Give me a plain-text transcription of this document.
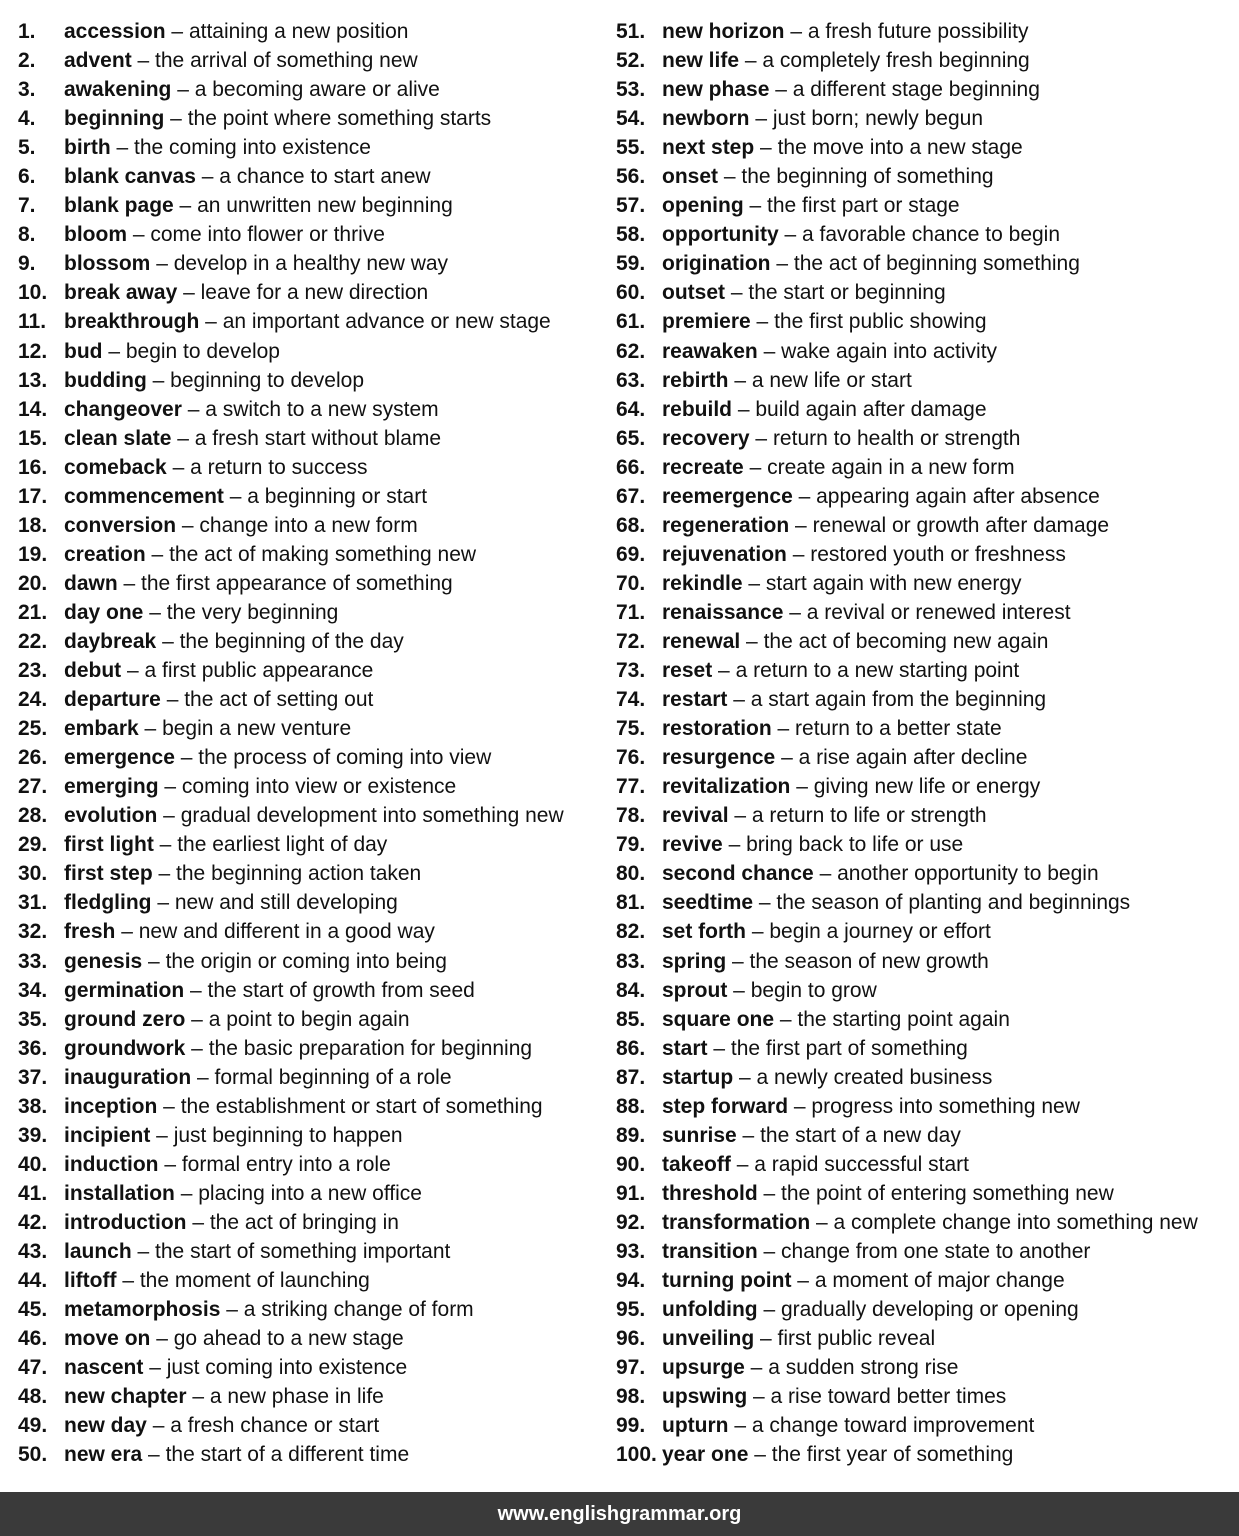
1. accession – attaining a new position
2. advent – the arrival of something new
3. awakening – a becoming aware or alive
4. beginning – the point where something starts
5. birth – the coming into existence
6. blank canvas – a chance to start anew
7. blank page – an unwritten new beginning
8. bloom – come into flower or thrive
9. blossom – develop in a healthy new way
10. break away – leave for a new direction
11. breakthrough – an important advance or new stage
12. bud – begin to develop
13. budding – beginning to develop
14. changeover – a switch to a new system
15. clean slate – a fresh start without blame
16. comeback – a return to success
17. commencement – a beginning or start
18. conversion – change into a new form
19. creation – the act of making something new
20. dawn – the first appearance of something
21. day one – the very beginning
22. daybreak – the beginning of the day
23. debut – a first public appearance
24. departure – the act of setting out
25. embark – begin a new venture
26. emergence – the process of coming into view
27. emerging – coming into view or existence
28. evolution – gradual development into something new
29. first light – the earliest light of day
30. first step – the beginning action taken
31. fledgling – new and still developing
32. fresh – new and different in a good way
33. genesis – the origin or coming into being
34. germination – the start of growth from seed
35. ground zero – a point to begin again
36. groundwork – the basic preparation for beginning
37. inauguration – formal beginning of a role
38. inception – the establishment or start of something
39. incipient – just beginning to happen
40. induction – formal entry into a role
41. installation – placing into a new office
42. introduction – the act of bringing in
43. launch – the start of something important
44. liftoff – the moment of launching
45. metamorphosis – a striking change of form
46. move on – go ahead to a new stage
47. nascent – just coming into existence
48. new chapter – a new phase in life
49. new day – a fresh chance or start
50. new era – the start of a different time
51. new horizon – a fresh future possibility
52. new life – a completely fresh beginning
53. new phase – a different stage beginning
54. newborn – just born; newly begun
55. next step – the move into a new stage
56. onset – the beginning of something
57. opening – the first part or stage
58. opportunity – a favorable chance to begin
59. origination – the act of beginning something
60. outset – the start or beginning
61. premiere – the first public showing
62. reawaken – wake again into activity
63. rebirth – a new life or start
64. rebuild – build again after damage
65. recovery – return to health or strength
66. recreate – create again in a new form
67. reemergence – appearing again after absence
68. regeneration – renewal or growth after damage
69. rejuvenation – restored youth or freshness
70. rekindle – start again with new energy
71. renaissance – a revival or renewed interest
72. renewal – the act of becoming new again
73. reset – a return to a new starting point
74. restart – a start again from the beginning
75. restoration – return to a better state
76. resurgence – a rise again after decline
77. revitalization – giving new life or energy
78. revival – a return to life or strength
79. revive – bring back to life or use
80. second chance – another opportunity to begin
81. seedtime – the season of planting and beginnings
82. set forth – begin a journey or effort
83. spring – the season of new growth
84. sprout – begin to grow
85. square one – the starting point again
86. start – the first part of something
87. startup – a newly created business
88. step forward – progress into something new
89. sunrise – the start of a new day
90. takeoff – a rapid successful start
91. threshold – the point of entering something new
92. transformation – a complete change into something new
93. transition – change from one state to another
94. turning point – a moment of major change
95. unfolding – gradually developing or opening
96. unveiling – first public reveal
97. upsurge – a sudden strong rise
98. upswing – a rise toward better times
99. upturn – a change toward improvement
100. year one – the first year of something
www.englishgrammar.org
